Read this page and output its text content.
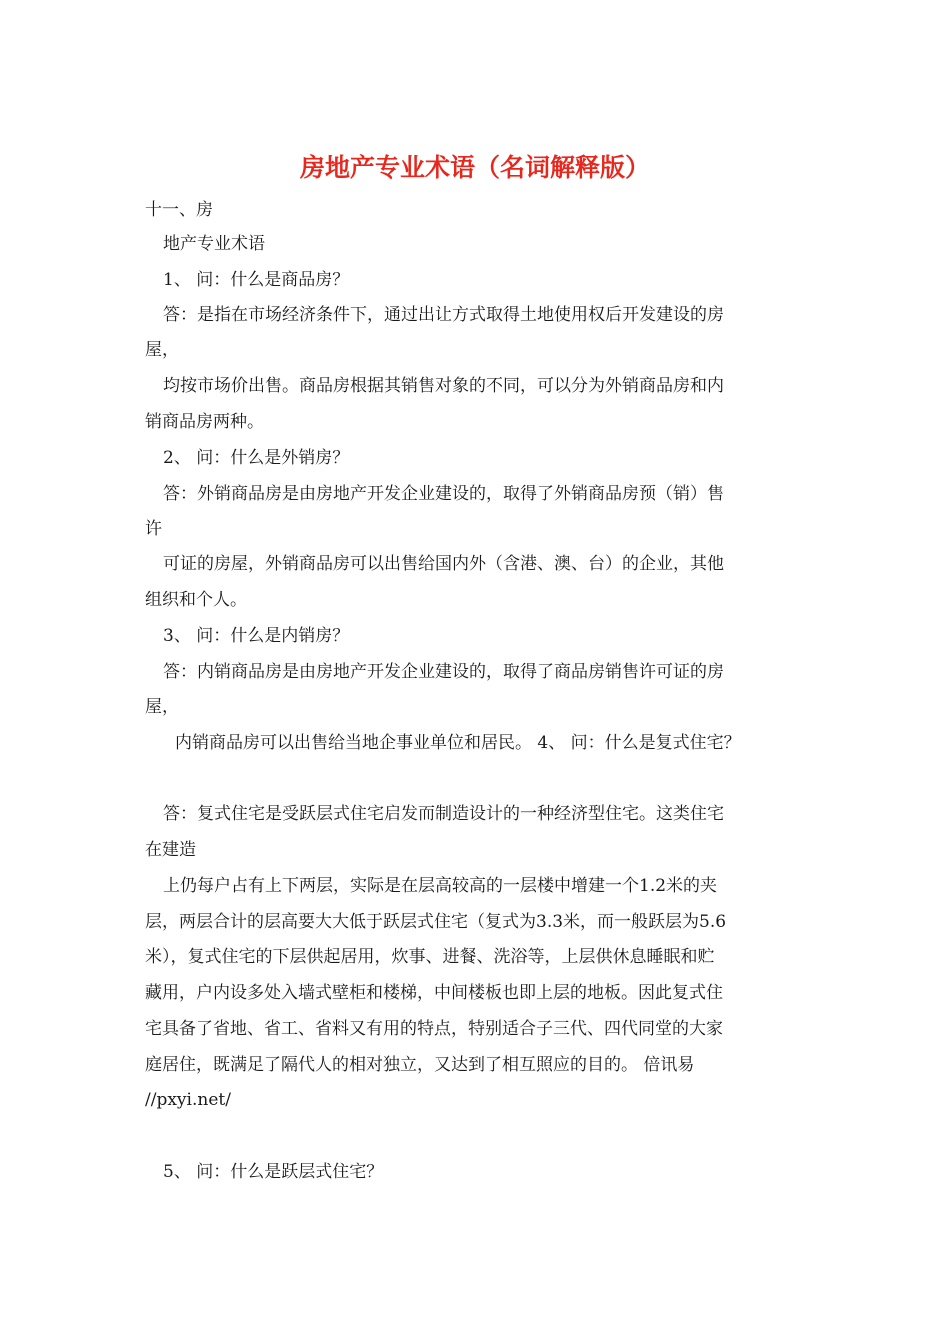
房地产专业术语（名词解释版）

十一、房

地产专业术语

1、 问：什么是商品房？

答：是指在市场经济条件下，通过出让方式取得土地使用权后开发建设的房

屋，

均按市场价出售。商品房根据其销售对象的不同，可以分为外销商品房和内

销商品房两种。

2、 问：什么是外销房？

答：外销商品房是由房地产开发企业建设的，取得了外销商品房预（销）售

许

可证的房屋，外销商品房可以出售给国内外（含港、澳、台）的企业，其他

组织和个人。

3、 问：什么是内销房？

答：内销商品房是由房地产开发企业建设的，取得了商品房销售许可证的房

屋，

内销商品房可以出售给当地企事业单位和居民。 4、 问：什么是复式住宅？

答：复式住宅是受跃层式住宅启发而制造设计的一种经济型住宅。这类住宅

在建造

上仍每户占有上下两层，实际是在层高较高的一层楼中增建一个1.2米的夹

层，两层合计的层高要大大低于跃层式住宅（复式为3.3米，而一般跃层为5.6

米），复式住宅的下层供起居用，炊事、进餐、洗浴等，上层供休息睡眠和贮

藏用，户内设多处入墙式壁柜和楼梯，中间楼板也即上层的地板。因此复式住

宅具备了省地、省工、省料又有用的特点，特别适合子三代、四代同堂的大家

庭居住，既满足了隔代人的相对独立，又达到了相互照应的目的。 倍讯易

//pxyi.net/

5、 问：什么是跃层式住宅？
